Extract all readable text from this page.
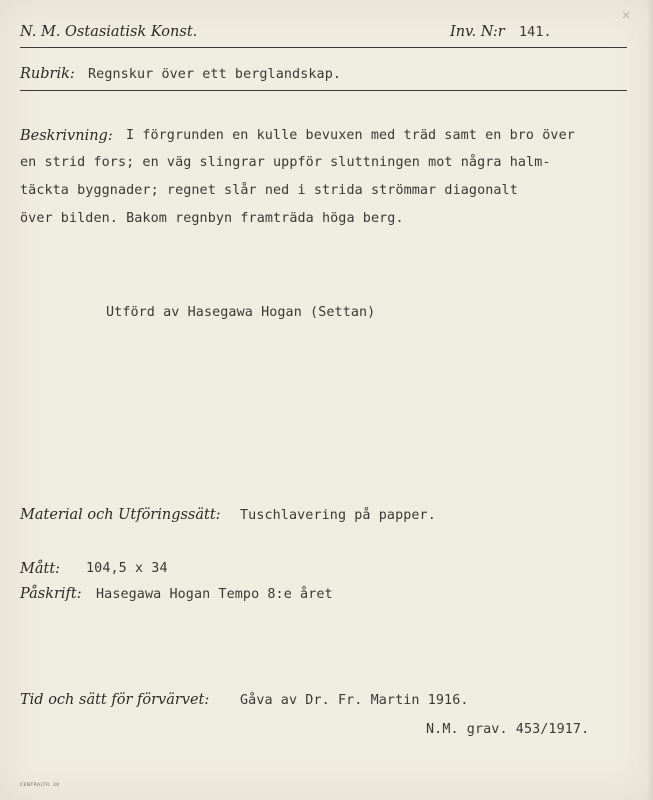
×
N. M. Ostasiatisk Konst.	Inv. N:r 141.
Rubrik: Regnskur över ett berglandskap.
Beskrivning: I förgrunden en kulle bevuxen med träd samt en bro över
en strid fors; en väg slingrar uppför sluttningen mot några halm-
täckta byggnader; regnet slår ned i strida strömmar diagonalt
över bilden. Bakom regnbyn framträda höga berg.
Utförd av Hasegawa Hogan (Settan)
Material och Utföringssätt: Tuschlavering på papper.
Mått: 104,5 x 34
Påskrift: Hasegawa Hogan Tempo 8:e året
Tid och sätt för förvärvet: Gåva av Dr. Fr. Martin 1916.
N.M. grav. 453/1917.
CENTRALTR. 20
